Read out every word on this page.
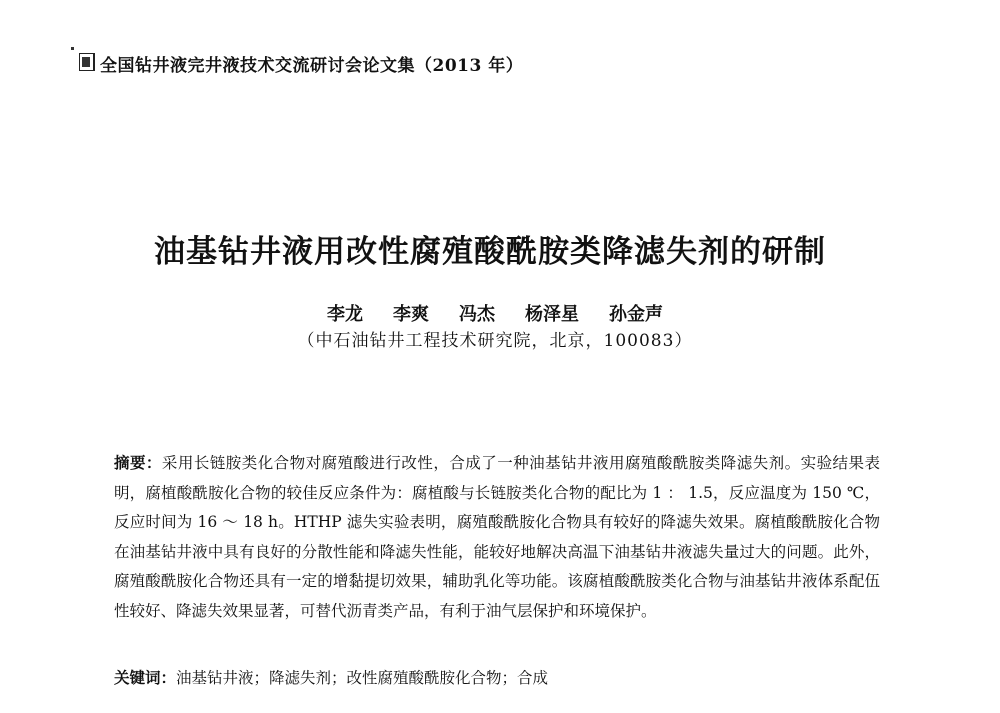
全国钻井液完井液技术交流研讨会论文集（2013 年）
油基钻井液用改性腐殖酸酰胺类降滤失剂的研制
李龙 李爽 冯杰 杨泽星 孙金声
（中石油钻井工程技术研究院，北京，100083）
摘要：采用长链胺类化合物对腐殖酸进行改性，合成了一种油基钻井液用腐殖酸酰胺类降滤失剂。实验结果表明，腐植酸酰胺化合物的较佳反应条件为：腐植酸与长链胺类化合物的配比为 1 ： 1.5，反应温度为 150 ℃，反应时间为 16 ～ 18 h。HTHP 滤失实验表明，腐殖酸酰胺化合物具有较好的降滤失效果。腐植酸酰胺化合物在油基钻井液中具有良好的分散性能和降滤失性能，能较好地解决高温下油基钻井液滤失量过大的问题。此外，腐殖酸酰胺化合物还具有一定的增黏提切效果，辅助乳化等功能。该腐植酸酰胺类化合物与油基钻井液体系配伍性较好、降滤失效果显著，可替代沥青类产品，有利于油气层保护和环境保护。
关键词：油基钻井液；降滤失剂；改性腐殖酸酰胺化合物；合成
